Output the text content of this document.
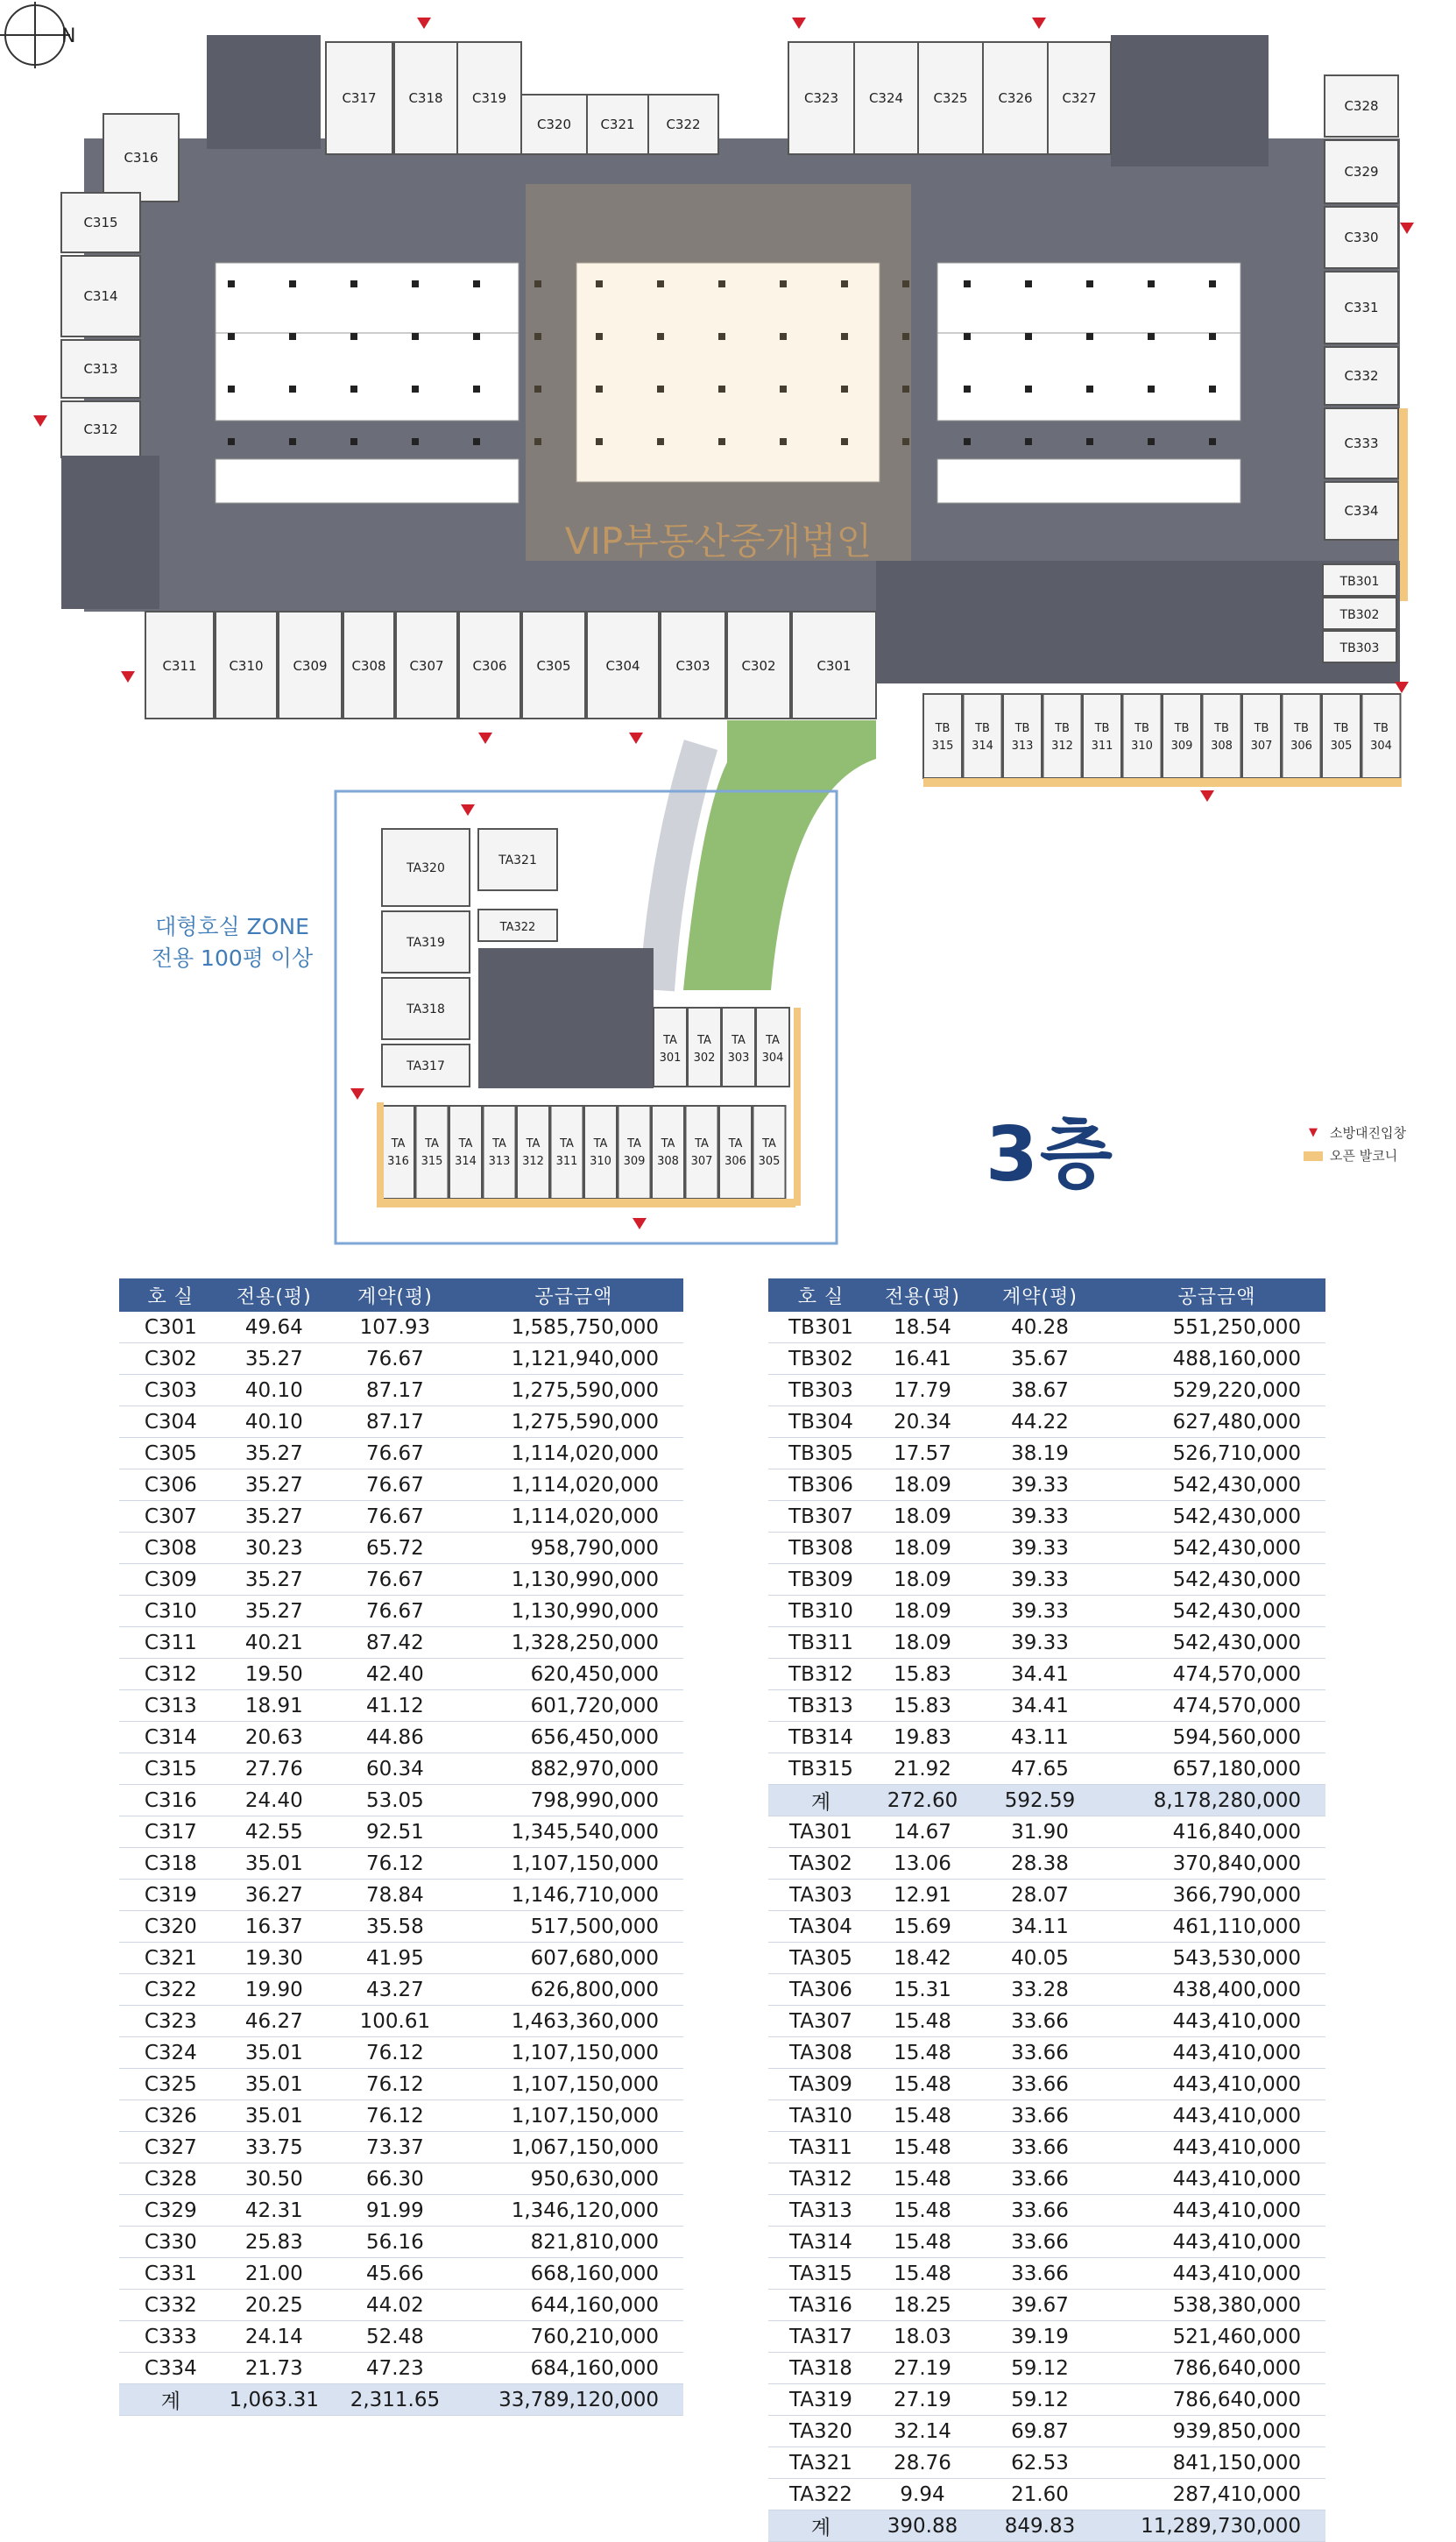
C317 C318 C319
C320 C321 C322
C323 C324 C325 C326 C327	C328
C329
C330
C331
C332
C333
C334
C316
C315
C314
C313
C312
C311 C310 C309 C308 C307 C306 C305	C304	C303 C302	C301
TB301
TB302
TB303
TB
315
TB
314
TB
313
TB
312
TB
311
TB
310
TB
309
TB
308
TB
307
TB
306
TB
305
TB
304
TA320
TA319
TA318
TA317
TA321
TA322
TA
301
TA
302
TA
303
TA
304
TA
316
TA
315
TA
314
TA
313
TA
312
TA
311
TA
310
TA
309
TA
308
TA
307
TA
306
TA
305
VIP부동산중개법인
대형호실 ZONE
전용 100평 이상
3층
N
▼ 소방대진입창
오픈 발코니
호 실	전용(평)	계약(평)	공급금액
C301	49.64	107.93	1,585,750,000
C302	35.27	76.67	1,121,940,000
C303	40.10	87.17	1,275,590,000
C304	40.10	87.17	1,275,590,000
C305	35.27	76.67	1,114,020,000
C306	35.27	76.67	1,114,020,000
C307	35.27	76.67	1,114,020,000
C308	30.23	65.72	958,790,000
C309	35.27	76.67	1,130,990,000
C310	35.27	76.67	1,130,990,000
C311	40.21	87.42	1,328,250,000
C312	19.50	42.40	620,450,000
C313	18.91	41.12	601,720,000
C314	20.63	44.86	656,450,000
C315	27.76	60.34	882,970,000
C316	24.40	53.05	798,990,000
C317	42.55	92.51	1,345,540,000
C318	35.01	76.12	1,107,150,000
C319	36.27	78.84	1,146,710,000
C320	16.37	35.58	517,500,000
C321	19.30	41.95	607,680,000
C322	19.90	43.27	626,800,000
C323	46.27	100.61	1,463,360,000
C324	35.01	76.12	1,107,150,000
C325	35.01	76.12	1,107,150,000
C326	35.01	76.12	1,107,150,000
C327	33.75	73.37	1,067,150,000
C328	30.50	66.30	950,630,000
C329	42.31	91.99	1,346,120,000
C330	25.83	56.16	821,810,000
C331	21.00	45.66	668,160,000
C332	20.25	44.02	644,160,000
C333	24.14	52.48	760,210,000
C334	21.73	47.23	684,160,000
계	1,063.31	2,311.65	33,789,120,000
호 실	전용(평)	계약(평)	공급금액
TB301	18.54	40.28	551,250,000
TB302	16.41	35.67	488,160,000
TB303	17.79	38.67	529,220,000
TB304	20.34	44.22	627,480,000
TB305	17.57	38.19	526,710,000
TB306	18.09	39.33	542,430,000
TB307	18.09	39.33	542,430,000
TB308	18.09	39.33	542,430,000
TB309	18.09	39.33	542,430,000
TB310	18.09	39.33	542,430,000
TB311	18.09	39.33	542,430,000
TB312	15.83	34.41	474,570,000
TB313	15.83	34.41	474,570,000
TB314	19.83	43.11	594,560,000
TB315	21.92	47.65	657,180,000
계	272.60	592.59	8,178,280,000
TA301	14.67	31.90	416,840,000
TA302	13.06	28.38	370,840,000
TA303	12.91	28.07	366,790,000
TA304	15.69	34.11	461,110,000
TA305	18.42	40.05	543,530,000
TA306	15.31	33.28	438,400,000
TA307	15.48	33.66	443,410,000
TA308	15.48	33.66	443,410,000
TA309	15.48	33.66	443,410,000
TA310	15.48	33.66	443,410,000
TA311	15.48	33.66	443,410,000
TA312	15.48	33.66	443,410,000
TA313	15.48	33.66	443,410,000
TA314	15.48	33.66	443,410,000
TA315	15.48	33.66	443,410,000
TA316	18.25	39.67	538,380,000
TA317	18.03	39.19	521,460,000
TA318	27.19	59.12	786,640,000
TA319	27.19	59.12	786,640,000
TA320	32.14	69.87	939,850,000
TA321	28.76	62.53	841,150,000
TA322	9.94	21.60	287,410,000
계	390.88	849.83	11,289,730,000
